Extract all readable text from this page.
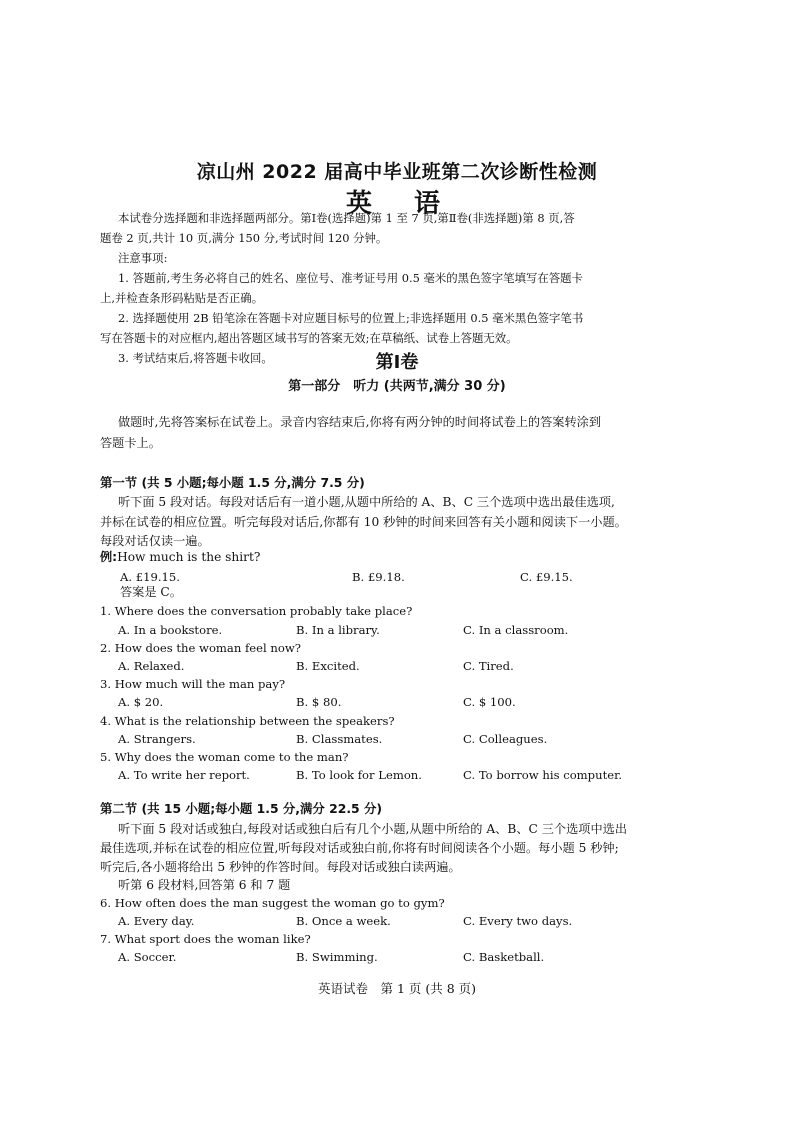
凉山州 2022 届高中毕业班第二次诊断性检测
英　语
本试卷分选择题和非选择题两部分。第Ⅰ卷(选择题)第 1 至 7 页,第Ⅱ卷(非选择题)第 8 页,答
题卷 2 页,共计 10 页,满分 150 分,考试时间 120 分钟。
注意事项:
1. 答题前,考生务必将自己的姓名、座位号、准考证号用 0.5 毫米的黑色签字笔填写在答题卡
上,并检查条形码粘贴是否正确。
2. 选择题使用 2B 铅笔涂在答题卡对应题目标号的位置上;非选择题用 0.5 毫米黑色签字笔书
写在答题卡的对应框内,超出答题区域书写的答案无效;在草稿纸、试卷上答题无效。
3. 考试结束后,将答题卡收回。	第Ⅰ卷
第一部分　听力 (共两节,满分 30 分)
做题时,先将答案标在试卷上。录音内容结束后,你将有两分钟的时间将试卷上的答案转涂到
答题卡上。
第一节 (共 5 小题;每小题 1.5 分,满分 7.5 分)
听下面 5 段对话。每段对话后有一道小题,从题中所给的 A、B、C 三个选项中选出最佳选项,
并标在试卷的相应位置。听完每段对话后,你都有 10 秒钟的时间来回答有关小题和阅读下一小题。
每段对话仅读一遍。
例:How much is the shirt?
A. £19.15.	B. £9.18.	C. £9.15.
答案是 C。
1. Where does the conversation probably take place?
A. In a bookstore.	B. In a library.	C. In a classroom.
2. How does the woman feel now?
A. Relaxed.	B. Excited.	C. Tired.
3. How much will the man pay?
A. $ 20.	B. $ 80.	C. $ 100.
4. What is the relationship between the speakers?
A. Strangers.	B. Classmates.	C. Colleagues.
5. Why does the woman come to the man?
A. To write her report.	B. To look for Lemon.	C. To borrow his computer.
第二节 (共 15 小题;每小题 1.5 分,满分 22.5 分)
听下面 5 段对话或独白,每段对话或独白后有几个小题,从题中所给的 A、B、C 三个选项中选出
最佳选项,并标在试卷的相应位置,听每段对话或独白前,你将有时间阅读各个小题。每小题 5 秒钟;
听完后,各小题将给出 5 秒钟的作答时间。每段对话或独白读两遍。
听第 6 段材料,回答第 6 和 7 题
6. How often does the man suggest the woman go to gym?
A. Every day.	B. Once a week.	C. Every two days.
7. What sport does the woman like?
A. Soccer.	B. Swimming.	C. Basketball.
英语试卷　第 1 页 (共 8 页)
